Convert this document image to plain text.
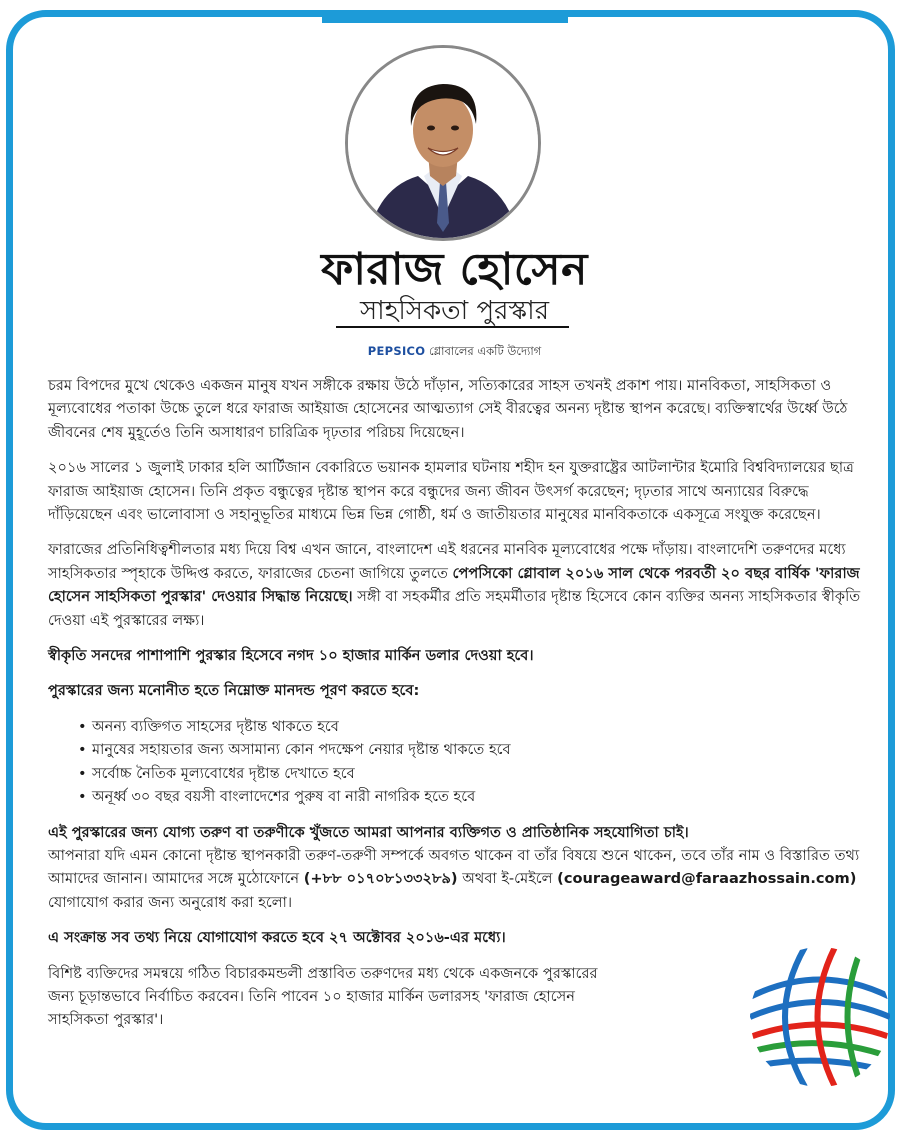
ফারাজ হোসেন
সাহসিকতা পুরস্কার
PEPSICO গ্লোবালের একটি উদ্যোগ

চরম বিপদের মুখে থেকেও একজন মানুষ যখন সঙ্গীকে রক্ষায় উঠে দাঁড়ান, সত্যিকারের সাহস তখনই প্রকাশ পায়। মানবিকতা, সাহসিকতা ও মূল্যবোধের পতাকা উচ্চে তুলে ধরে ফারাজ আইয়াজ হোসেনের আত্মত্যাগ সেই বীরত্বের অনন্য দৃষ্টান্ত স্থাপন করেছে। ব্যক্তিস্বার্থের উর্ধ্বে উঠে জীবনের শেষ মুহূর্তেও তিনি অসাধারণ চারিত্রিক দৃঢ়তার পরিচয় দিয়েছেন।

২০১৬ সালের ১ জুলাই ঢাকার হলি আর্টিজান বেকারিতে ভয়ানক হামলার ঘটনায় শহীদ হন যুক্তরাষ্ট্রের আটলান্টার ইমোরি বিশ্ববিদ্যালয়ের ছাত্র ফারাজ আইয়াজ হোসেন। তিনি প্রকৃত বন্ধুত্বের দৃষ্টান্ত স্থাপন করে বন্ধুদের জন্য জীবন উৎসর্গ করেছেন; দৃঢ়তার সাথে অন্যায়ের বিরুদ্ধে দাঁড়িয়েছেন এবং ভালোবাসা ও সহানুভূতির মাধ্যমে ভিন্ন ভিন্ন গোষ্ঠী, ধর্ম ও জাতীয়তার মানুষের মানবিকতাকে একসূত্রে সংযুক্ত করেছেন।

ফারাজের প্রতিনিধিত্বশীলতার মধ্য দিয়ে বিশ্ব এখন জানে, বাংলাদেশ এই ধরনের মানবিক মূল্যবোধের পক্ষে দাঁড়ায়। বাংলাদেশি তরুণদের মধ্যে সাহসিকতার স্পৃহাকে উদ্দিপ্ত করতে, ফারাজের চেতনা জাগিয়ে তুলতে পেপসিকো গ্লোবাল ২০১৬ সাল থেকে পরবর্তী ২০ বছর বার্ষিক 'ফারাজ হোসেন সাহসিকতা পুরস্কার' দেওয়ার সিদ্ধান্ত নিয়েছে। সঙ্গী বা সহকর্মীর প্রতি সহমর্মীতার দৃষ্টান্ত হিসেবে কোন ব্যক্তির অনন্য সাহসিকতার স্বীকৃতি দেওয়া এই পুরস্কারের লক্ষ্য।

স্বীকৃতি সনদের পাশাপাশি পুরস্কার হিসেবে নগদ ১০ হাজার মার্কিন ডলার দেওয়া হবে।

পুরস্কারের জন্য মনোনীত হতে নিম্নোক্ত মানদন্ড পূরণ করতে হবে:

• অনন্য ব্যক্তিগত সাহসের দৃষ্টান্ত থাকতে হবে
• মানুষের সহায়তার জন্য অসামান্য কোন পদক্ষেপ নেয়ার দৃষ্টান্ত থাকতে হবে
• সর্বোচ্চ নৈতিক মূল্যবোধের দৃষ্টান্ত দেখাতে হবে
• অনূর্ধ্ব ৩০ বছর বয়সী বাংলাদেশের পুরুষ বা নারী নাগরিক হতে হবে

এই পুরস্কারের জন্য যোগ্য তরুণ বা তরুণীকে খুঁজতে আমরা আপনার ব্যক্তিগত ও প্রাতিষ্ঠানিক সহযোগিতা চাই।
আপনারা যদি এমন কোনো দৃষ্টান্ত স্থাপনকারী তরুণ-তরুণী সম্পর্কে অবগত থাকেন বা তাঁর বিষয়ে শুনে থাকেন, তবে তাঁর নাম ও বিস্তারিত তথ্য আমাদের জানান। আমাদের সঙ্গে মুঠোফোনে (+৮৮ ০১৭০৮১৩৩২৮৯) অথবা ই-মেইলে (courageaward@faraazhossain.com) যোগাযোগ করার জন্য অনুরোধ করা হলো।

এ সংক্রান্ত সব তথ্য নিয়ে যোগাযোগ করতে হবে ২৭ অক্টোবর ২০১৬-এর মধ্যে।

বিশিষ্ট ব্যক্তিদের সমন্বয়ে গঠিত বিচারকমন্ডলী প্রস্তাবিত তরুণদের মধ্য থেকে একজনকে পুরস্কারের জন্য চূড়ান্তভাবে নির্বাচিত করবেন। তিনি পাবেন ১০ হাজার মার্কিন ডলারসহ 'ফারাজ হোসেন সাহসিকতা পুরস্কার'।
